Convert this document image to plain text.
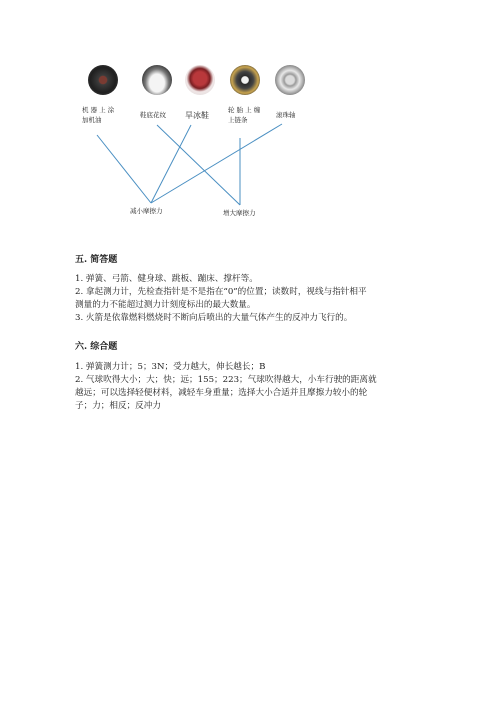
机 器 上 涂
加机油
鞋底花纹 旱冰鞋
轮 胎 上 缠
上链条
滚珠轴
减小摩擦力	增大摩擦力
五. 简答题

1. 弹簧、弓箭、健身球、跳板、蹦床、撑杆等。

2. 拿起测力计，先检查指针是不是指在“0”的位置；读数时，视线与指针相平

测量的力不能超过测力计刻度标出的最大数量。

3. 火箭是依靠燃料燃烧时不断向后喷出的大量气体产生的反冲力飞行的。

六. 综合题

1. 弹簧测力计；5；3N；受力越大，伸长越长；B

2. 气球吹得大小；大；快；远；155；223；气球吹得越大，小车行驶的距离就

越远；可以选择轻便材料，减轻车身重量；选择大小合适并且摩擦力较小的轮

子；力；相反；反冲力
